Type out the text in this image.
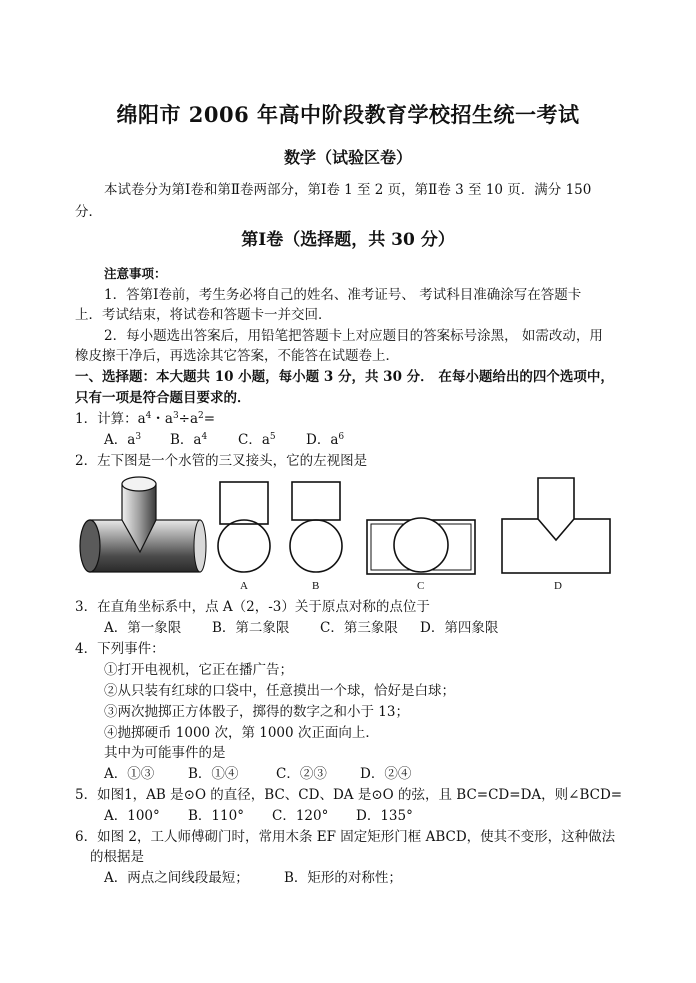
绵阳市 2006 年高中阶段教育学校招生统一考试
数学（试验区卷）
本试卷分为第Ⅰ卷和第Ⅱ卷两部分，第Ⅰ卷 1 至 2 页，第Ⅱ卷 3 至 10 页．满分 150
分．
第Ⅰ卷（选择题，共 30 分）
注意事项：
1．答第Ⅰ卷前，考生务必将自己的姓名、准考证号、 考试科目准确涂写在答题卡
上．考试结束，将试卷和答题卡一并交回．
2．每小题选出答案后，用铅笔把答题卡上对应题目的答案标号涂黑， 如需改动，用
橡皮擦干净后，再选涂其它答案，不能答在试题卷上．
一、选择题：本大题共 10 小题，每小题 3 分，共 30 分． 在每小题给出的四个选项中，
只有一项是符合题目要求的．
1．计算：$a^4$・$a^3\div a^2=$
A．$a^3$ B．$a^4$ C．$a^5$ D．$a^6$
2．左下图是一个水管的三叉接头，它的左视图是
A	B	C	D
3．在直角坐标系中，点 A（2，-3）关于原点对称的点位于
A．第一象限 B．第二象限 C．第三象限 D．第四象限
4．下列事件：
①打开电视机，它正在播广告；
②从只装有红球的口袋中，任意摸出一个球，恰好是白球；
③两次抛掷正方体骰子，掷得的数字之和小于 13；
④抛掷硬币 1000 次，第 1000 次正面向上．
其中为可能事件的是
A．①③	B．①④	C．②③ D．②④
5．如图1，AB 是⊙O 的直径，BC、CD、DA 是⊙O 的弦，且 BC=CD=DA，则∠BCD=
A．100° B．110° C．120° D．135°
6．如图 2，工人师傅砌门时，常用木条 EF 固定矩形门框 ABCD，使其不变形，这种做法
的根据是
A．两点之间线段最短；	B．矩形的对称性；
